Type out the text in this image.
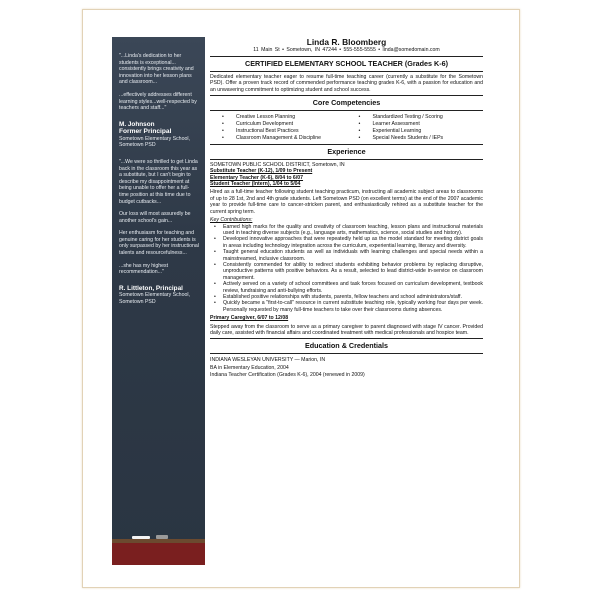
"...Linda's dedication to her students is exceptional... consistently brings creativity and innovation into her lesson plans and classroom...

...effectively addresses different learning styles...well-respected by teachers and staff..."

M. Johnson
Former Principal
Sometown Elementary School, Sometown PSD

"...We were so thrilled to get Linda back in the classroom this year as a substitute, but I can't begin to describe my disappointment at being unable to offer her a full-time position at this time due to budget cutbacks...

Our loss will most assuredly be another school's gain...

Her enthusiasm for teaching and genuine caring for her students is only surpassed by her instructional talents and resourcefulness...

...she has my highest recommendation..."

R. Littleton, Principal
Sometown Elementary School, Sometown PSD
Linda R. Bloomberg
11 Main St • Sometown, IN 47244 • 555-555-5555 • linda@somedomain.com
CERTIFIED ELEMENTARY SCHOOL TEACHER (Grades K-6)
Dedicated elementary teacher eager to resume full-time teaching career (currently a substitute for the Sometown PSD). Offer a proven track record of commended performance teaching grades K-6, with a passion for education and an unwavering commitment to optimizing student and school success.
Core Competencies
• Creative Lesson Planning
• Curriculum Development
• Instructional Best Practices
• Classroom Management & Discipline
• Standardized Testing / Scoring
• Learner Assessment
• Experiential Learning
• Special Needs Students / IEPs
Experience
SOMETOWN PUBLIC SCHOOL DISTRICT, Sometown, IN
Substitute Teacher (K-12), 1/09 to Present
Elementary Teacher (K-6), 8/04 to 6/07
Student Teacher (Intern), 1/04 to 5/04
Hired as a full-time teacher following student teaching practicum, instructing all academic subject areas to classrooms of up to 28 1st, 2nd and 4th grade students. Left Sometown PSD (on excellent terms) at the end of the 2007 academic year to provide full-time care to cancer-stricken parent, and enthusiastically rehired as a substitute teacher for the current spring term.
Key Contributions:
• Earned high marks for the quality and creativity of classroom teaching, lesson plans and instructional materials used in teaching diverse subjects (e.g., language arts, mathematics, science, social studies and history).
• Developed innovative approaches that were repeatedly held up as the model standard for meeting district goals in areas including technology integration across the curriculum, experiential learning, literacy and diversity.
• Taught general education students as well as individuals with learning challenges and special needs within a mainstreamed, inclusive classroom.
• Consistently commended for ability to redirect students exhibiting behavior problems by replacing disruptive, unproductive patterns with positive behaviors. As a result, selected to lead district-wide in-service on classroom management.
• Actively served on a variety of school committees and task forces focused on curriculum development, textbook review, fundraising and anti-bullying efforts.
• Established positive relationships with students, parents, fellow teachers and school administrators/staff.
• Quickly became a "first-to-call" resource in current substitute teaching role, typically working four days per week. Personally requested by many full-time teachers to take over their classrooms during absences.
Primary Caregiver, 6/07 to 12/08
Stepped away from the classroom to serve as a primary caregiver to parent diagnosed with stage IV cancer. Provided daily care, assisted with financial affairs and coordinated treatment with medical professionals and hospice team.
Education & Credentials
INDIANA WESLEYAN UNIVERSITY — Marion, IN
BA in Elementary Education, 2004
Indiana Teacher Certification (Grades K-6), 2004 (renewed in 2009)
